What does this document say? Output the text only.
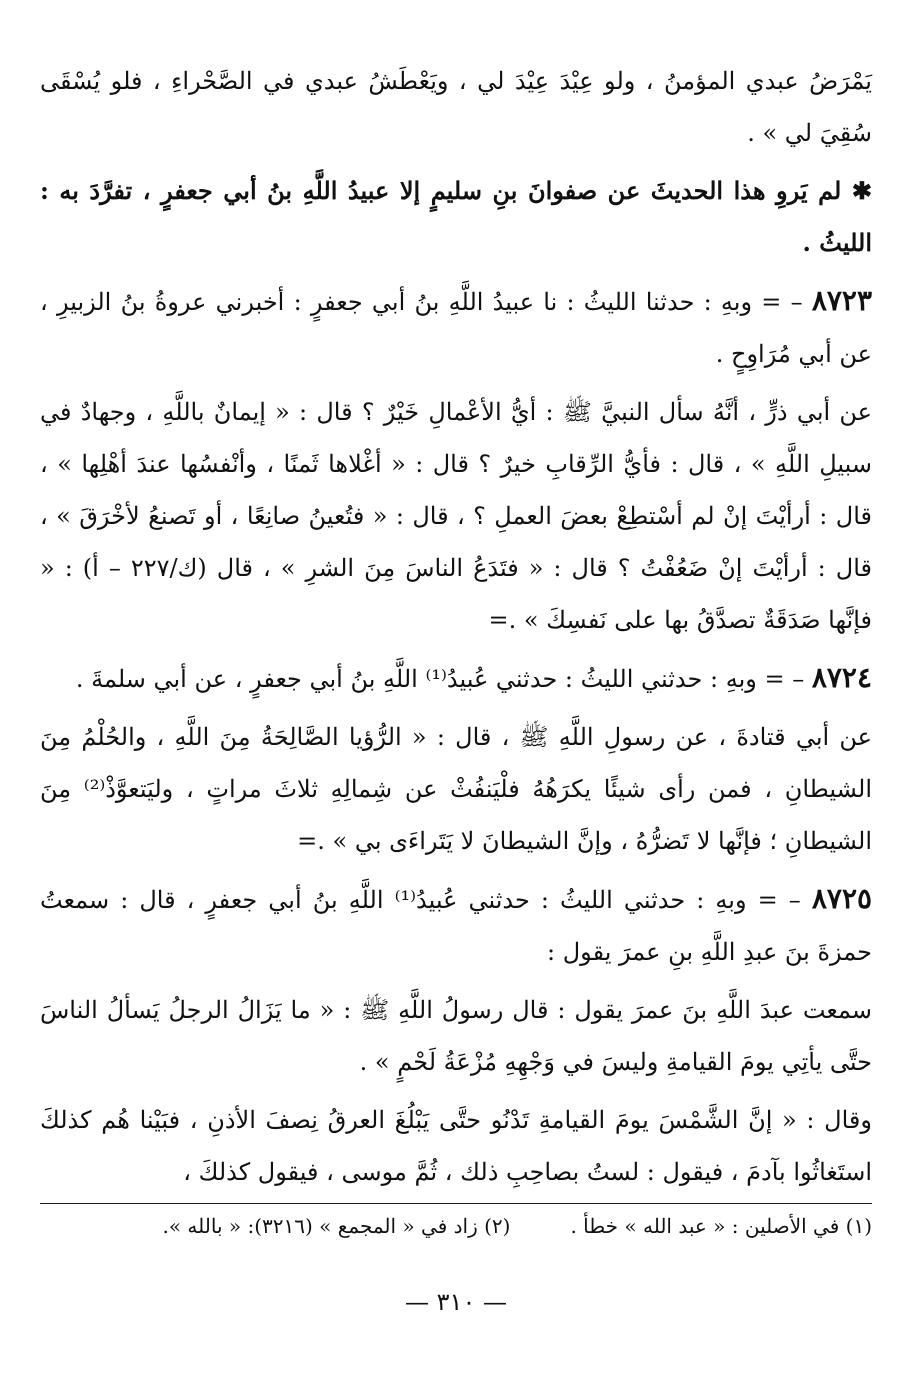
يَمْرَضُ عبدي المؤمنُ ، ولو عِيْدَ عِيْدَ لي ، ويَعْطَشُ عبدي في الصَّحْراءِ ، فلو يُسْقَى سُقِيَ لي » .

✱ لم يَروِ هذا الحديثَ عن صفوانَ بنِ سليمٍ إلا عبيدُ اللَّهِ بنُ أبي جعفرٍ ، تفرَّدَ به : الليثُ .

٨٧٢٣ – = وبهِ : حدثنا الليثُ : نا عبيدُ اللَّهِ بنُ أبي جعفرٍ : أخبرني عروةُ بنُ الزبيرِ ، عن أبي مُرَاوِحٍ .

عن أبي ذرٍّ ، أنَّهُ سأل النبيَّ ﷺ : أيُّ الأعْمالِ خَيْرٌ ؟ قال : « إيمانٌ باللَّهِ ، وجهادٌ في سبيلِ اللَّهِ » ، قال : فأيُّ الرِّقابِ خيرٌ ؟ قال : « أغْلاها ثَمنًا ، وأنْفسُها عندَ أهْلِها » ، قال : أرأيْتَ إنْ لم أسْتطِعْ بعضَ العملِ ؟ ، قال : « فتُعينُ صانِعًا ، أو تَصنعُ لأخْرَقَ » ، قال : أرأيْتَ إنْ ضَعُفْتُ ؟ قال : « فتَدَعُ الناسَ مِنَ الشرِ » ، قال (ك/٢٢٧ – أ) : « فإنَّها صَدَقَةٌ تصدَّقُ بها على نَفسِكَ » .=

٨٧٢٤ – = وبهِ : حدثني الليثُ : حدثني عُبيدُ⁽¹⁾ اللَّهِ بنُ أبي جعفرٍ ، عن أبي سلمةَ .

عن أبي قتادةَ ، عن رسولِ اللَّهِ ﷺ ، قال : « الرُّؤيا الصَّالِحَةُ مِنَ اللَّهِ ، والحُلْمُ مِنَ الشيطانِ ، فمن رأى شيئًا يكرَهُهُ فلْيَنفُثْ عن شِمالِهِ ثلاثَ مراتٍ ، وليَتعوَّذْ⁽²⁾ مِنَ الشيطانِ ؛ فإنَّها لا تَضرُّهُ ، وإنَّ الشيطانَ لا يَتَراءَى بي » .=

٨٧٢٥ – = وبهِ : حدثني الليثُ : حدثني عُبيدُ⁽¹⁾ اللَّهِ بنُ أبي جعفرٍ ، قال : سمعتُ حمزةَ بنَ عبدِ اللَّهِ بنِ عمرَ يقول :

سمعت عبدَ اللَّهِ بنَ عمرَ يقول : قال رسولُ اللَّهِ ﷺ : « ما يَزَالُ الرجلُ يَسألُ الناسَ حتَّى يأتِي يومَ القيامةِ وليسَ في وَجْهِهِ مُزْعَةُ لَحْمٍ » .

وقال : « إنَّ الشَّمْسَ يومَ القيامةِ تَدْنُو حتَّى يَبْلُغَ العرقُ نِصفَ الأذنِ ، فبَيْنا هُم كذلكَ استَغاثُوا بآدمَ ، فيقول : لستُ بصاحِبِ ذلك ، ثُمَّ موسى ، فيقول كذلكَ ،

(١) في الأصلين : « عبد الله » خطأ .
(٢) زاد في « المجمع » (٣٢١٦): « بالله ».
— ٣١٠ —
